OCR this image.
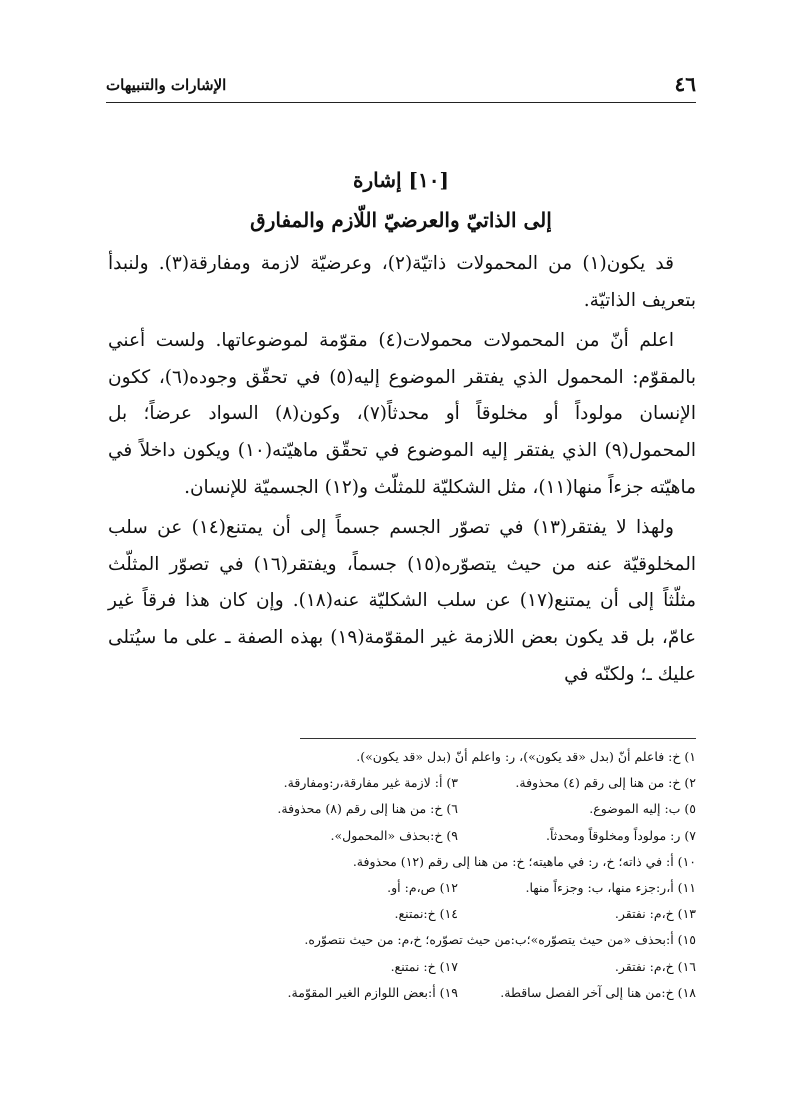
٤٦
الإشارات والتنبيهات
[١٠] إشارة
إلى الذاتيّ والعرضيّ اللّازم والمفارق

قد يكون(١) من المحمولات ذاتيّة(٢)، وعرضيّة لازمة ومفارقة(٣). ولنبدأ بتعريف الذاتيّة.

اعلم أنّ من المحمولات محمولات(٤) مقوّمة لموضوعاتها. ولست أعني بالمقوّم: المحمول الذي يفتقر الموضوع إليه(٥) في تحقّق وجوده(٦)، ككون الإنسان مولوداً أو مخلوقاً أو محدثاً(٧)، وكون(٨) السواد عرضاً؛ بل المحمول(٩) الذي يفتقر إليه الموضوع في تحقّق ماهيّته(١٠) ويكون داخلاً في ماهيّته جزءاً منها(١١)، مثل الشكليّة للمثلّث و(١٢) الجسميّة للإنسان.

ولهذا لا يفتقر(١٣) في تصوّر الجسم جسماً إلى أن يمتنع(١٤) عن سلب المخلوقيّة عنه من حيث يتصوّره(١٥) جسماً، ويفتقر(١٦) في تصوّر المثلّث مثلّثاً إلى أن يمتنع(١٧) عن سلب الشكليّة عنه(١٨). وإن كان هذا فرقاً غير عامّ، بل قد يكون بعض اللازمة غير المقوّمة(١٩) بهذه الصفة ـ على ما سيُتلى عليك ـ؛ ولكنّه في

١) خ: فاعلم أنّ (بدل «قد يكون»)، ر: واعلم أنّ (بدل «قد يكون»).
٢) خ: من هنا إلى رقم (٤) محذوفة.
٣) أ: لازمة غير مفارقة،ر:ومفارقة.
٥) ب: إليه الموضوع.
٦) خ: من هنا إلى رقم (٨) محذوفة.
٧) ر: مولوداً ومخلوقاً ومحدثاً.
٩) خ:بحذف «المحمول».
١٠) أ: في ذاته؛ خ، ر: في ماهيته؛ خ: من هنا إلى رقم (١٢) محذوفة.
١١) أ،ر:جزء منها، ب: وجزءاً منها.
١٢) ص،م: أو.
١٣) خ،م: نفتقر.
١٤) خ:نمتنع.
١٥) أ:بحذف «من حيث يتصوّره»؛ب:من حيث تصوّره؛ خ،م: من حيث نتصوّره.
١٦) خ،م: نفتقر.
١٧) خ: نمتنع.
١٨) خ:من هنا إلى آخر الفصل ساقطة.
١٩) أ:بعض اللوازم الغير المقوّمة.
